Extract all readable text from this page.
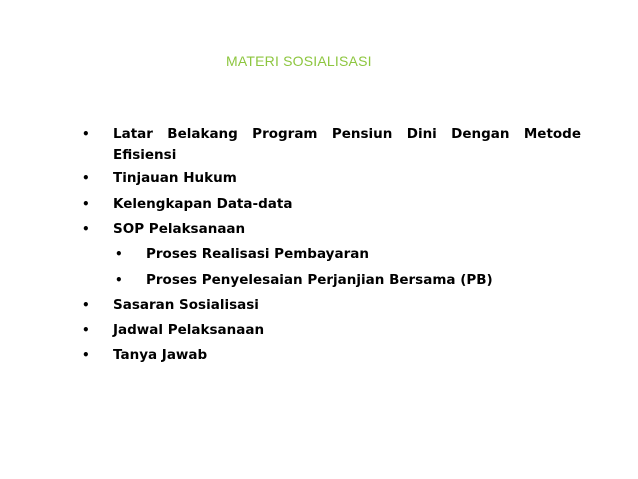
MATERI SOSIALISASI
• Latar Belakang Program Pensiun Dini Dengan Metode Efisiensi
• Tinjauan Hukum
• Kelengkapan Data-data
• SOP Pelaksanaan
• Proses Realisasi Pembayaran
• Proses Penyelesaian Perjanjian Bersama (PB)
• Sasaran Sosialisasi
• Jadwal Pelaksanaan
• Tanya Jawab
